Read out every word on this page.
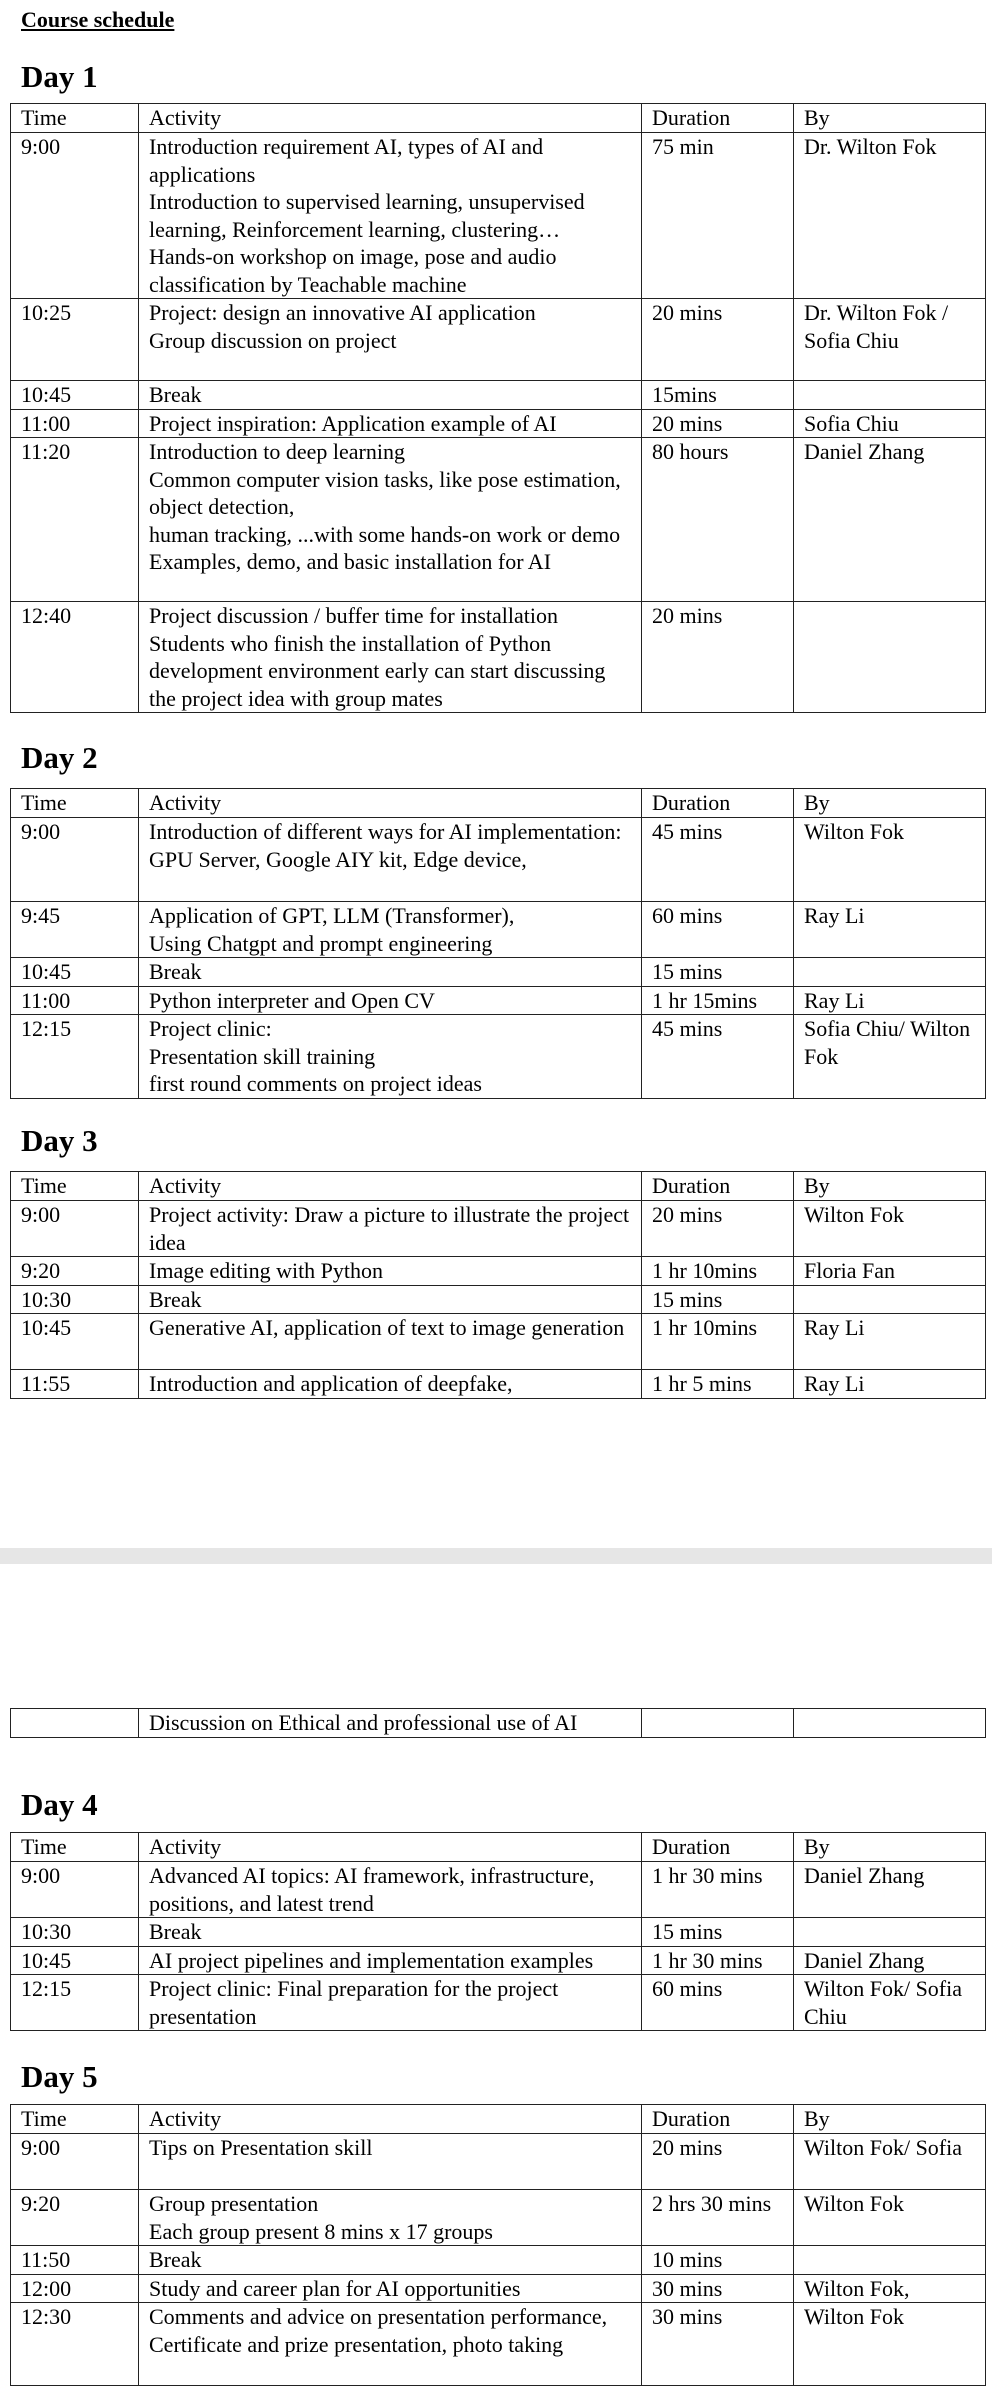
Course schedule
Day 1
Time	Activity	Duration	By
9:00	Introduction requirement AI, types of AI and applications
Introduction to supervised learning, unsupervised learning, Reinforcement learning, clustering…
Hands-on workshop on image, pose and audio classification by Teachable machine	75 min	Dr. Wilton Fok
10:25	Project: design an innovative AI application
Group discussion on project	20 mins	Dr. Wilton Fok / Sofia Chiu
10:45	Break	15mins	
11:00	Project inspiration: Application example of AI	20 mins	Sofia Chiu
11:20	Introduction to deep learning
Common computer vision tasks, like pose estimation, object detection,
human tracking, ...with some hands-on work or demo
Examples, demo, and basic installation for AI	80 hours	Daniel Zhang
12:40	Project discussion / buffer time for installation
Students who finish the installation of Python development environment early can start discussing the project idea with group mates	20 mins	
Day 2
Time	Activity	Duration	By
9:00	Introduction of different ways for AI implementation: GPU Server, Google AIY kit, Edge device,	45 mins	Wilton Fok
9:45	Application of GPT, LLM (Transformer),
Using Chatgpt and prompt engineering	60 mins	Ray Li
10:45	Break	15 mins	
11:00	Python interpreter and Open CV	1 hr 15mins	Ray Li
12:15	Project clinic:
Presentation skill training
first round comments on project ideas	45 mins	Sofia Chiu/ Wilton Fok
Day 3
Time	Activity	Duration	By
9:00	Project activity: Draw a picture to illustrate the project idea	20 mins	Wilton Fok
9:20	Image editing with Python	1 hr 10mins	Floria Fan
10:30	Break	15 mins	
10:45	Generative AI, application of text to image generation	1 hr 10mins	Ray Li
11:55	Introduction and application of deepfake,	1 hr 5 mins	Ray Li

Discussion on Ethical and professional use of AI

Day 4
Time	Activity	Duration	By
9:00	Advanced AI topics: AI framework, infrastructure, positions, and latest trend	1 hr 30 mins	Daniel Zhang
10:30	Break	15 mins	
10:45	AI project pipelines and implementation examples	1 hr 30 mins	Daniel Zhang
12:15	Project clinic: Final preparation for the project presentation	60 mins	Wilton Fok/ Sofia Chiu
Day 5
Time	Activity	Duration	By
9:00	Tips on Presentation skill	20 mins	Wilton Fok/ Sofia
9:20	Group presentation
Each group present 8 mins x 17 groups	2 hrs 30 mins	Wilton Fok
11:50	Break	10 mins	
12:00	Study and career plan for AI opportunities	30 mins	Wilton Fok,
12:30	Comments and advice on presentation performance, Certificate and prize presentation, photo taking	30 mins	Wilton Fok
